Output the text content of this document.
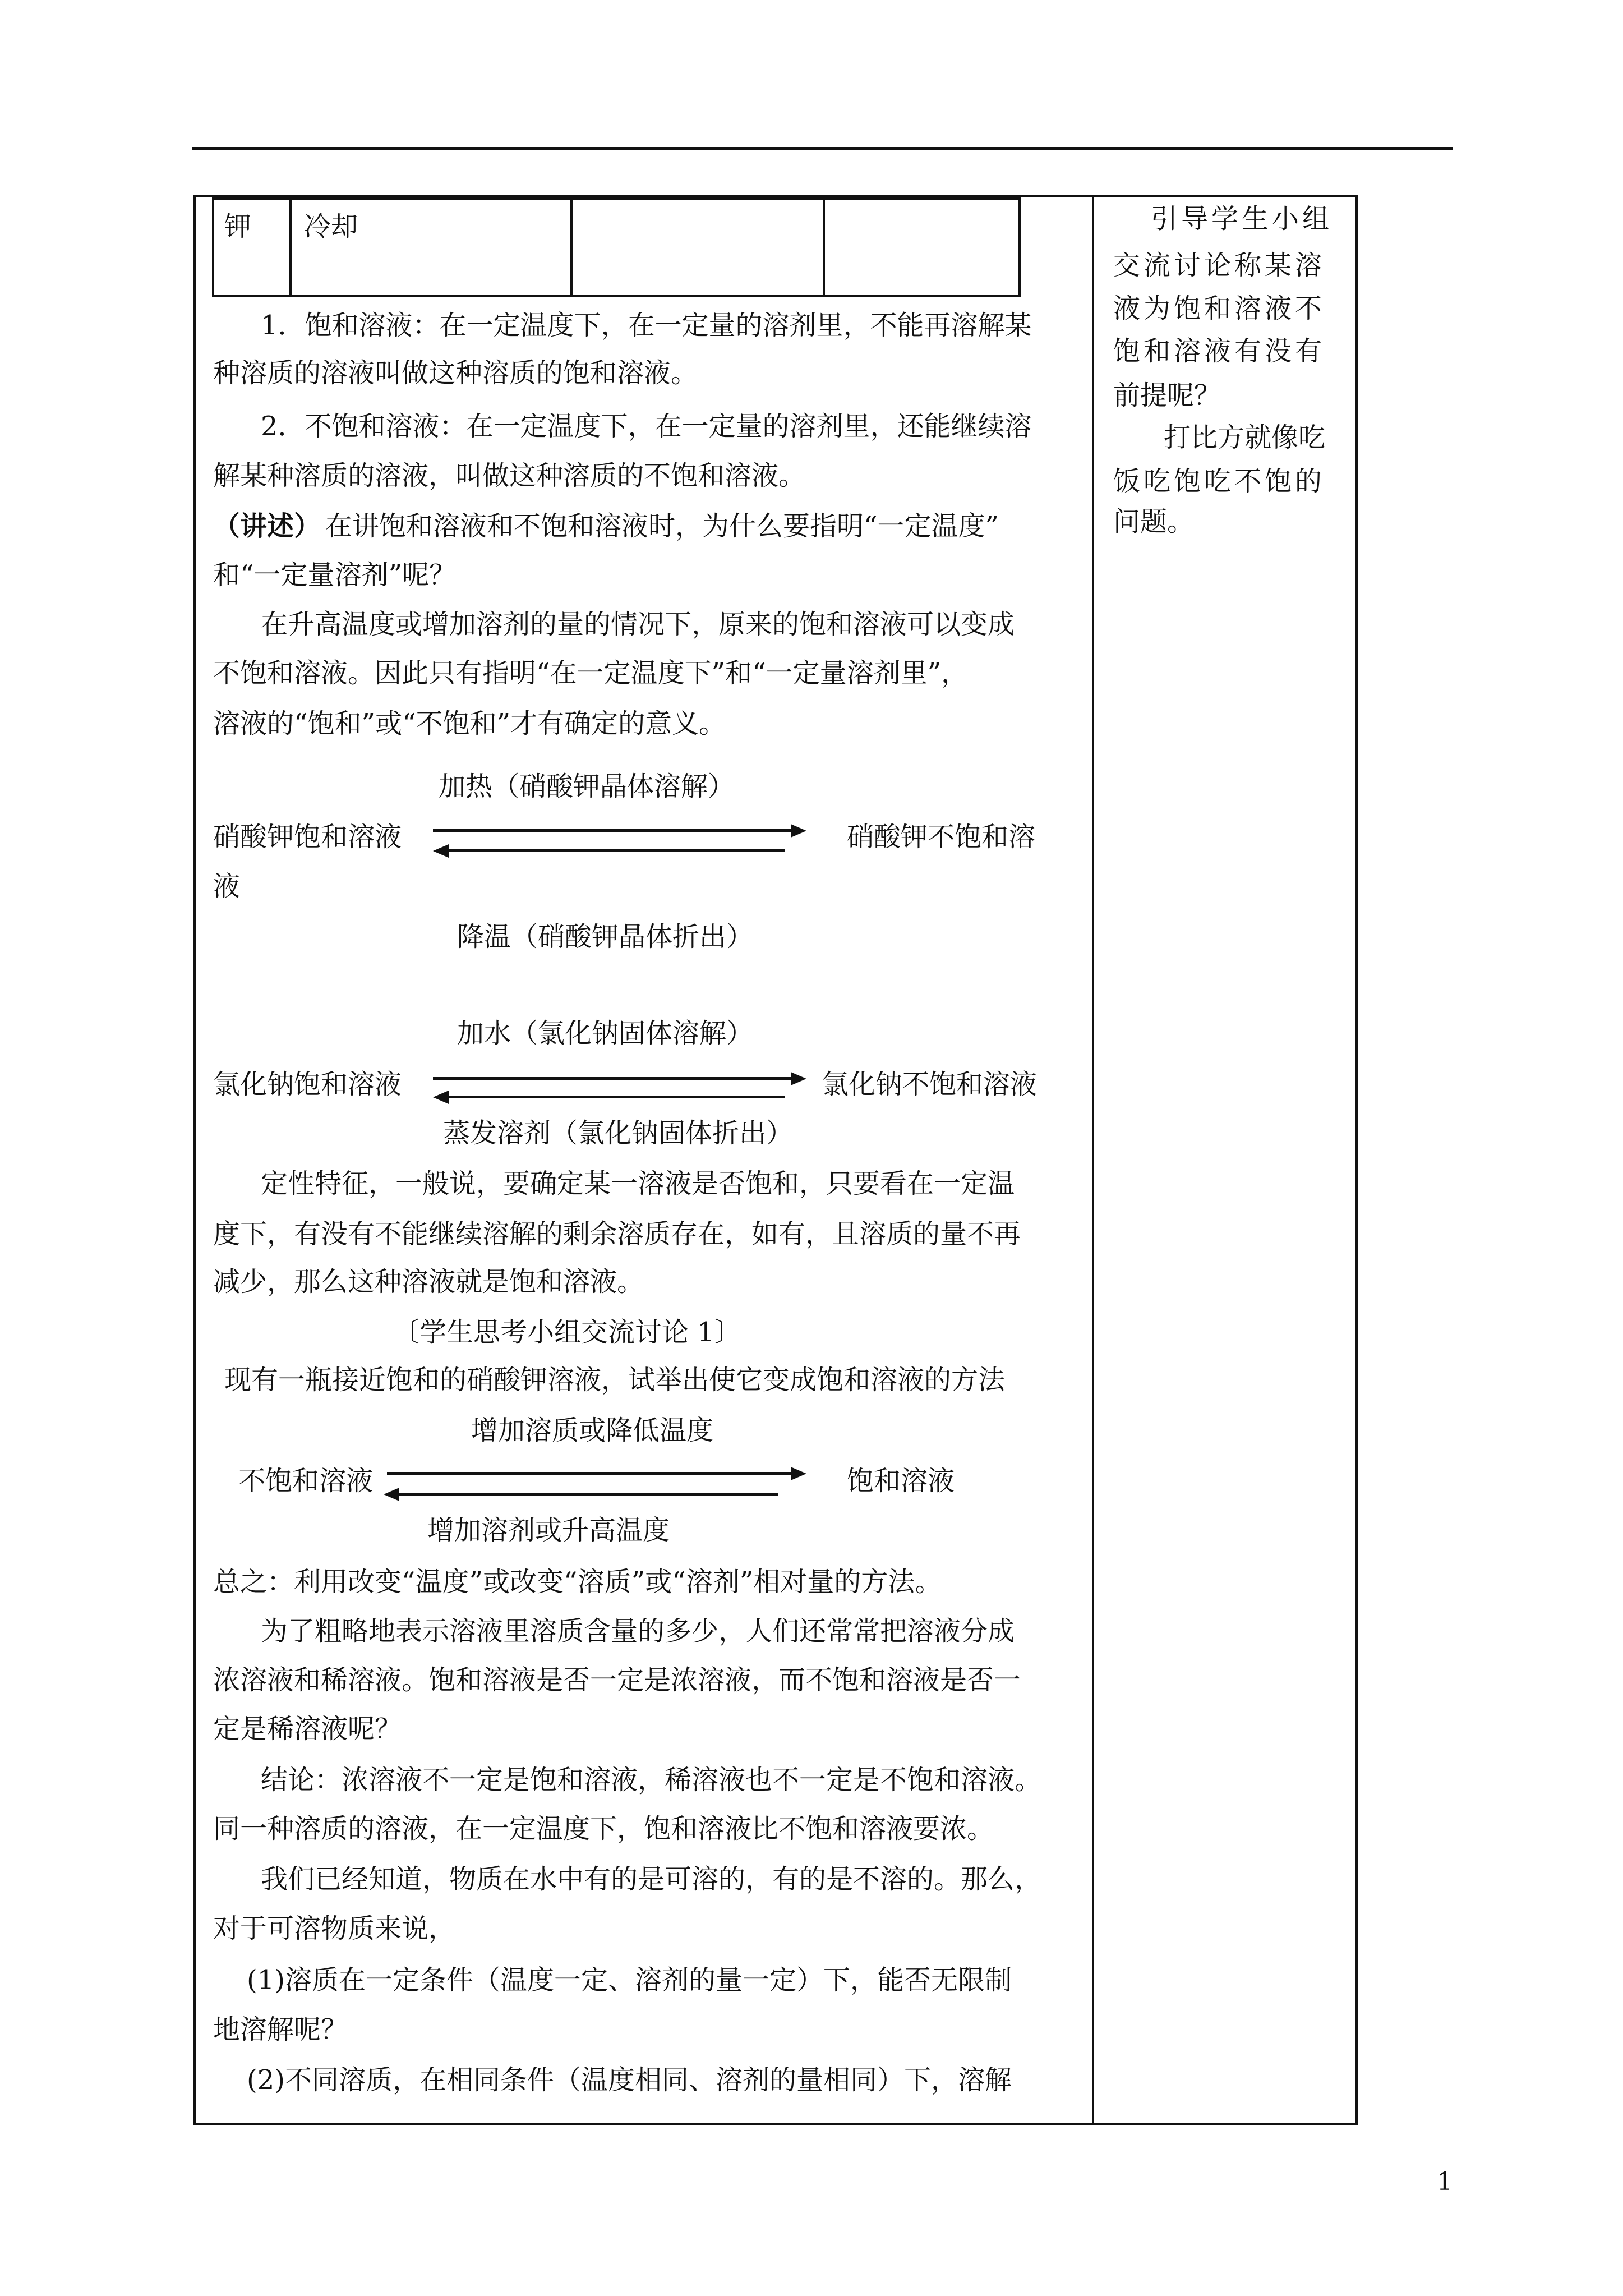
钾 冷却
1．饱和溶液：在一定温度下，在一定量的溶剂里，不能再溶解某
种溶质的溶液叫做这种溶质的饱和溶液。
2．不饱和溶液：在一定温度下，在一定量的溶剂里，还能继续溶
解某种溶质的溶液，叫做这种溶质的不饱和溶液。
（讲述） 在讲饱和溶液和不饱和溶液时，为什么要指明“一定温度”
和“一定量溶剂”呢？
在升高温度或增加溶剂的量的情况下，原来的饱和溶液可以变成
不饱和溶液。因此只有指明“在一定温度下”和“一定量溶剂里”，
溶液的“饱和”或“不饱和”才有确定的意义。
加热（硝酸钾晶体溶解）
硝酸钾饱和溶液
液
硝酸钾不饱和溶
降温（硝酸钾晶体折出）
加水（氯化钠固体溶解）
氯化钠饱和溶液	氯化钠不饱和溶液
蒸发溶剂（氯化钠固体折出）
定性特征，一般说，要确定某一溶液是否饱和，只要看在一定温
度下，有没有不能继续溶解的剩余溶质存在，如有，且溶质的量不再
减少，那么这种溶液就是饱和溶液。
〔学生思考小组交流讨论 1〕
现有一瓶接近饱和的硝酸钾溶液，试举出使它变成饱和溶液的方法
增加溶质或降低温度
不饱和溶液	饱和溶液
增加溶剂或升高温度
总之：利用改变“温度”或改变“溶质”或“溶剂”相对量的方法。
为了粗略地表示溶液里溶质含量的多少，人们还常常把溶液分成
浓溶液和稀溶液。饱和溶液是否一定是浓溶液，而不饱和溶液是否一
定是稀溶液呢？
结论：浓溶液不一定是饱和溶液，稀溶液也不一定是不饱和溶液。
同一种溶质的溶液，在一定温度下，饱和溶液比不饱和溶液要浓。
我们已经知道，物质在水中有的是可溶的，有的是不溶的。那么，
对于可溶物质来说，
(1)溶质在一定条件（温度一定、溶剂的量一定）下，能否无限制
地溶解呢？
(2)不同溶质，在相同条件（温度相同、溶剂的量相同）下，溶解
引导学生小组
交流讨论称某溶
液为饱和溶液不
饱和溶液有没有
前提呢？
打比方就像吃
饭吃饱吃不饱的
问题。
1
